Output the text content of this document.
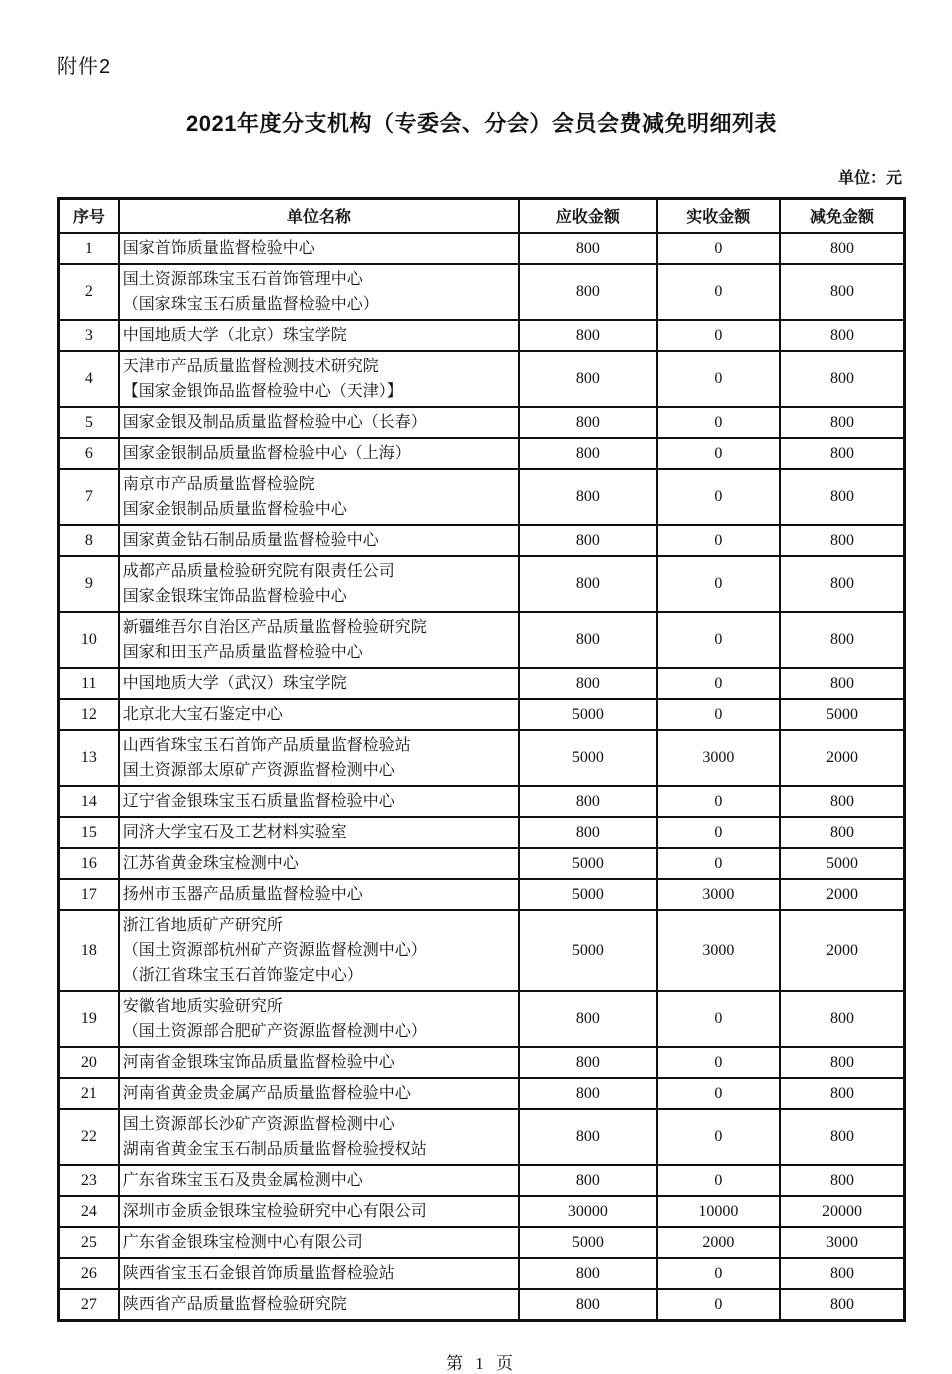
附件2
2021年度分支机构（专委会、分会）会员会费减免明细列表
单位：元
序号	单位名称	应收金额	实收金额	减免金额
1	国家首饰质量监督检验中心	800	0	800
2	国土资源部珠宝玉石首饰管理中心
（国家珠宝玉石质量监督检验中心）	800	0	800
3	中国地质大学（北京）珠宝学院	800	0	800
4	天津市产品质量监督检测技术研究院
【国家金银饰品监督检验中心（天津）】	800	0	800
5	国家金银及制品质量监督检验中心（长春）	800	0	800
6	国家金银制品质量监督检验中心（上海）	800	0	800
7	南京市产品质量监督检验院
国家金银制品质量监督检验中心	800	0	800
8	国家黄金钻石制品质量监督检验中心	800	0	800
9	成都产品质量检验研究院有限责任公司
国家金银珠宝饰品监督检验中心	800	0	800
10	新疆维吾尔自治区产品质量监督检验研究院
国家和田玉产品质量监督检验中心	800	0	800
11	中国地质大学（武汉）珠宝学院	800	0	800
12	北京北大宝石鉴定中心	5000	0	5000
13	山西省珠宝玉石首饰产品质量监督检验站
国土资源部太原矿产资源监督检测中心	5000	3000	2000
14	辽宁省金银珠宝玉石质量监督检验中心	800	0	800
15	同济大学宝石及工艺材料实验室	800	0	800
16	江苏省黄金珠宝检测中心	5000	0	5000
17	扬州市玉器产品质量监督检验中心	5000	3000	2000
18	浙江省地质矿产研究所
（国土资源部杭州矿产资源监督检测中心）
（浙江省珠宝玉石首饰鉴定中心）	5000	3000	2000
19	安徽省地质实验研究所
（国土资源部合肥矿产资源监督检测中心）	800	0	800
20	河南省金银珠宝饰品质量监督检验中心	800	0	800
21	河南省黄金贵金属产品质量监督检验中心	800	0	800
22	国土资源部长沙矿产资源监督检测中心
湖南省黄金宝玉石制品质量监督检验授权站	800	0	800
23	广东省珠宝玉石及贵金属检测中心	800	0	800
24	深圳市金质金银珠宝检验研究中心有限公司	30000	10000	20000
25	广东省金银珠宝检测中心有限公司	5000	2000	3000
26	陕西省宝玉石金银首饰质量监督检验站	800	0	800
27	陕西省产品质量监督检验研究院	800	0	800
第 1 页
